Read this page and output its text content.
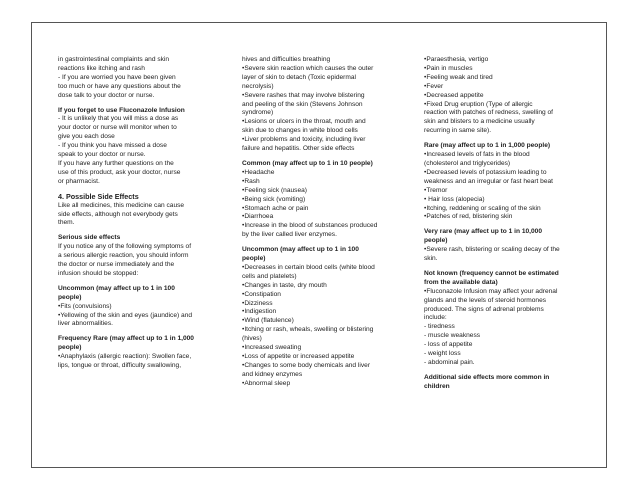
in gastrointestinal complaints and skin

reactions like itching and rash

- If you are worried you have been given

too much or have any questions about the

dose talk to your doctor or nurse.

If you forget to use Fluconazole Infusion

- It is unlikely that you will miss a dose as

your doctor or nurse will monitor when to

give you each dose

- If you think you have missed a dose

speak to your doctor or nurse.

If you have any further questions on the

use of this product, ask your doctor, nurse

or pharmacist.

4. Possible Side Effects

Like all medicines, this medicine can cause

side effects, although not everybody gets

them.

Serious side effects

If you notice any of the following symptoms of

a serious allergic reaction, you should inform

the doctor or nurse immediately and the

infusion should be stopped:

Uncommon (may affect up to 1 in 100

people)

• Fits (convulsions)

• Yellowing of the skin and eyes (jaundice) and

liver abnormalities.

Frequency Rare (may affect up to 1 in 1,000

people)

• Anaphylaxis (allergic reaction): Swollen face,

lips, tongue or throat, difficulty swallowing,

hives and difficulties breathing

• Severe skin reaction which causes the outer

layer of skin to detach (Toxic epidermal

necrolysis)

• Severe rashes that may involve blistering

and peeling of the skin (Stevens Johnson

syndrome)

• Lesions or ulcers in the throat, mouth and

skin due to changes in white blood cells

• Liver problems and toxicity, including liver

failure and hepatitis. Other side effects

Common (may affect up to 1 in 10 people)

• Headache

• Rash

• Feeling sick (nausea)

• Being sick (vomiting)

• Stomach ache or pain

• Diarrhoea

• Increase in the blood of substances produced

by the liver called liver enzymes.

Uncommon (may affect up to 1 in 100

people)

• Decreases in certain blood cells (white blood

cells and platelets)

• Changes in taste, dry mouth

• Constipation

• Dizziness

• Indigestion

• Wind (flatulence)

• Itching or rash, wheals, swelling or blistering

(hives)

• Increased sweating

• Loss of appetite or increased appetite

• Changes to some body chemicals and liver

and kidney enzymes

• Abnormal sleep

• Paraesthesia, vertigo

• Pain in muscles

• Feeling weak and tired

• Fever

• Decreased appetite

• Fixed Drug eruption (Type of allergic

reaction with patches of redness, swelling of

skin and blisters to a medicine usually

recurring in same site).

Rare (may affect up to 1 in 1,000 people)

• Increased levels of fats in the blood

(cholesterol and triglycerides)

• Decreased levels of potassium leading to

weakness and an irregular or fast heart beat

• Tremor

• Hair loss (alopecia)

• Itching, reddening or scaling of the skin

• Patches of red, blistering skin

Very rare (may affect up to 1 in 10,000

people)

• Severe rash, blistering or scaling decay of the

skin.

Not known (frequency cannot be estimated

from the available data)

• Fluconazole Infusion may affect your adrenal

glands and the levels of steroid hormones

produced. The signs of adrenal problems

include:

- tiredness

- muscle weakness

- loss of appetite

- weight loss

- abdominal pain.

Additional side effects more common in

children
